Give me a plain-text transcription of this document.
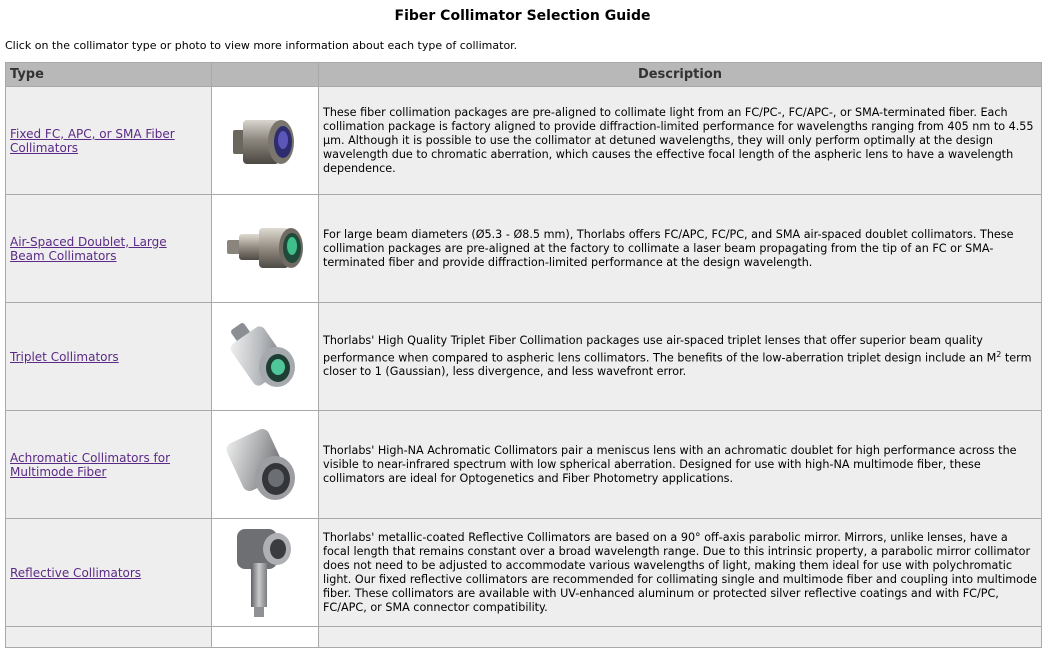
Fiber Collimator Selection Guide
Click on the collimator type or photo to view more information about each type of collimator.
Type		Description
Fixed FC, APC, or SMA Fiber Collimators		These fiber collimation packages are pre-aligned to collimate light from an FC/PC-, FC/APC-, or SMA-terminated fiber. Each collimation package is factory aligned to provide diffraction-limited performance for wavelengths ranging from 405 nm to 4.55 µm. Although it is possible to use the collimator at detuned wavelengths, they will only perform optimally at the design wavelength due to chromatic aberration, which causes the effective focal length of the aspheric lens to have a wavelength dependence.
Air-Spaced Doublet, Large Beam Collimators		For large beam diameters (Ø5.3 - Ø8.5 mm), Thorlabs offers FC/APC, FC/PC, and SMA air-spaced doublet collimators. These collimation packages are pre-aligned at the factory to collimate a laser beam propagating from the tip of an FC or SMA-terminated fiber and provide diffraction-limited performance at the design wavelength.
Triplet Collimators		Thorlabs' High Quality Triplet Fiber Collimation packages use air-spaced triplet lenses that offer superior beam quality performance when compared to aspheric lens collimators. The benefits of the low-aberration triplet design include an $M^2$ term closer to 1 (Gaussian), less divergence, and less wavefront error.
Achromatic Collimators for Multimode Fiber		Thorlabs' High-NA Achromatic Collimators pair a meniscus lens with an achromatic doublet for high performance across the visible to near-infrared spectrum with low spherical aberration. Designed for use with high-NA multimode fiber, these collimators are ideal for Optogenetics and Fiber Photometry applications.
Reflective Collimators		Thorlabs' metallic-coated Reflective Collimators are based on a 90° off-axis parabolic mirror. Mirrors, unlike lenses, have a focal length that remains constant over a broad wavelength range. Due to this intrinsic property, a parabolic mirror collimator does not need to be adjusted to accommodate various wavelengths of light, making them ideal for use with polychromatic light. Our fixed reflective collimators are recommended for collimating single and multimode fiber and coupling into multimode fiber. These collimators are available with UV-enhanced aluminum or protected silver reflective coatings and with FC/PC, FC/APC, or SMA connector compatibility.
